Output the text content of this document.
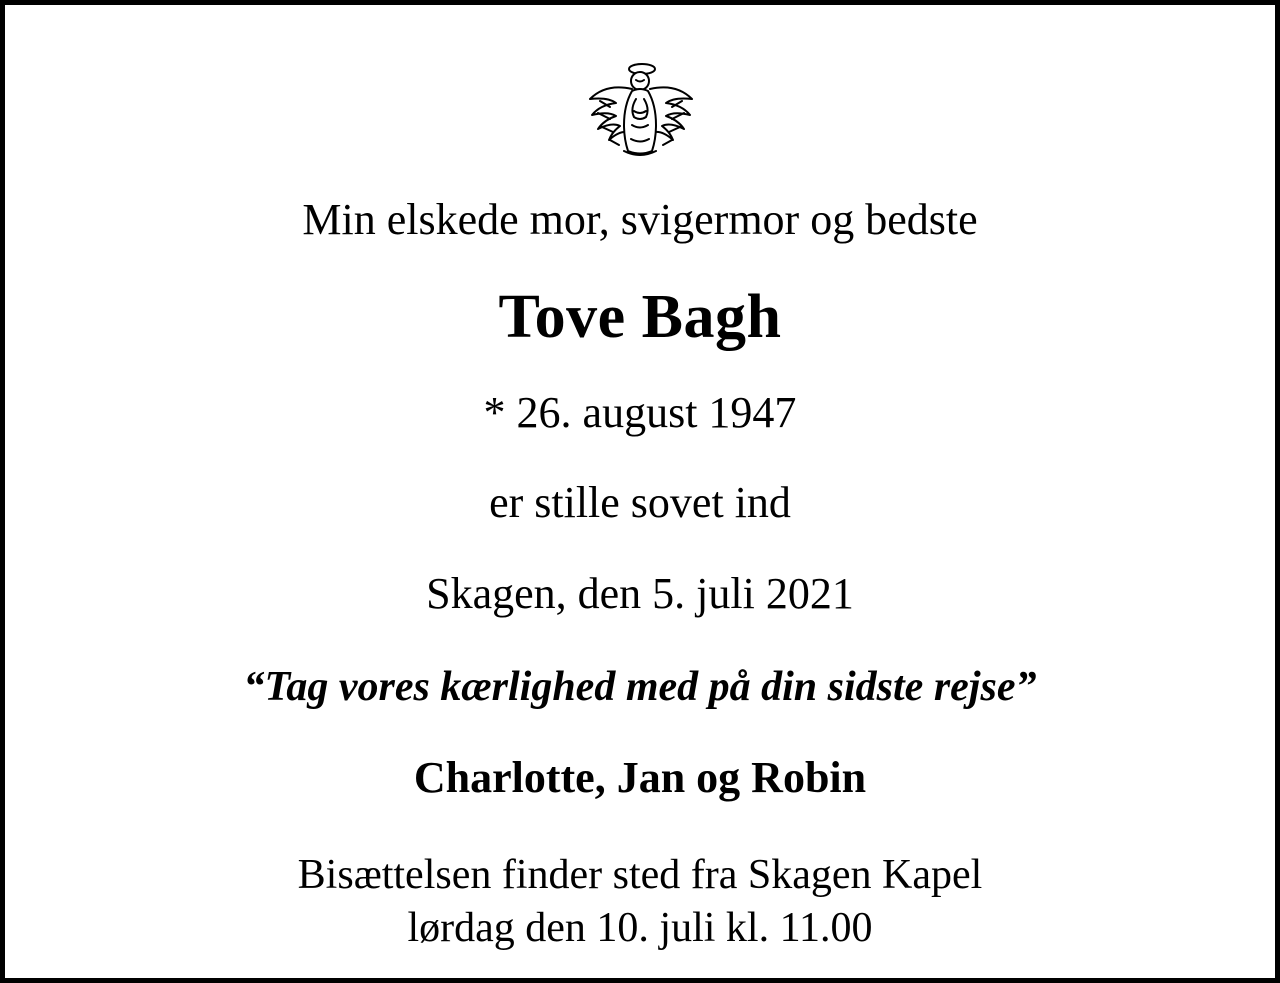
Min elskede mor, svigermor og bedste
Tove Bagh
* 26. august 1947
er stille sovet ind
Skagen, den 5. juli 2021
“Tag vores kærlighed med på din sidste rejse”
Charlotte, Jan og Robin
Bisættelsen finder sted fra Skagen Kapel
lørdag den 10. juli kl. 11.00
